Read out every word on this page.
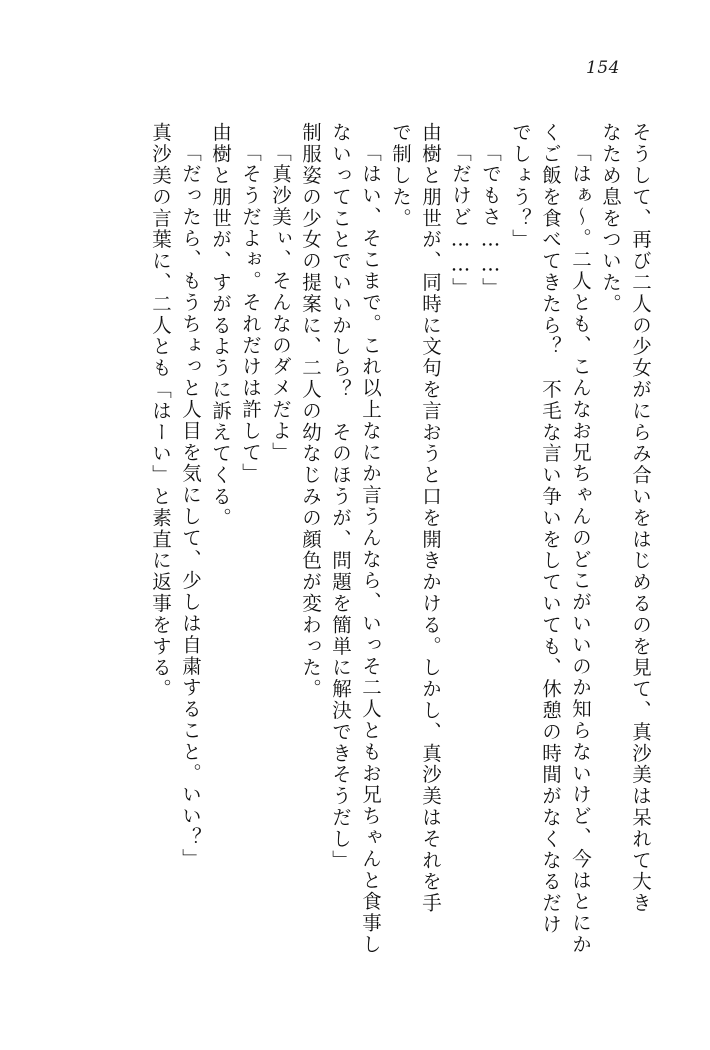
154
そうして、再び二人の少女がにらみ合いをはじめるのを見て、真沙美は呆れて大き
なため息をついた。
「はぁ～。二人とも、こんなお兄ちゃんのどこがいいのか知らないけど、今はとにか
くご飯を食べてきたら？　不毛な言い争いをしていても、休憩の時間がなくなるだけ
でしょう？」
「でもさ……」
「だけど……」
由樹と朋世が、同時に文句を言おうと口を開きかける。しかし、真沙美はそれを手
で制した。
「はい、そこまで。これ以上なにか言うんなら、いっそ二人ともお兄ちゃんと食事し
ないってことでいいかしら？　そのほうが、問題を簡単に解決できそうだし」
制服姿の少女の提案に、二人の幼なじみの顔色が変わった。
「真沙美ぃ、そんなのダメだよ」
「そうだよぉ。それだけは許して」
由樹と朋世が、すがるように訴えてくる。
「だったら、もうちょっと人目を気にして、少しは自粛すること。いい？」
真沙美の言葉に、二人とも「はーい」と素直に返事をする。
